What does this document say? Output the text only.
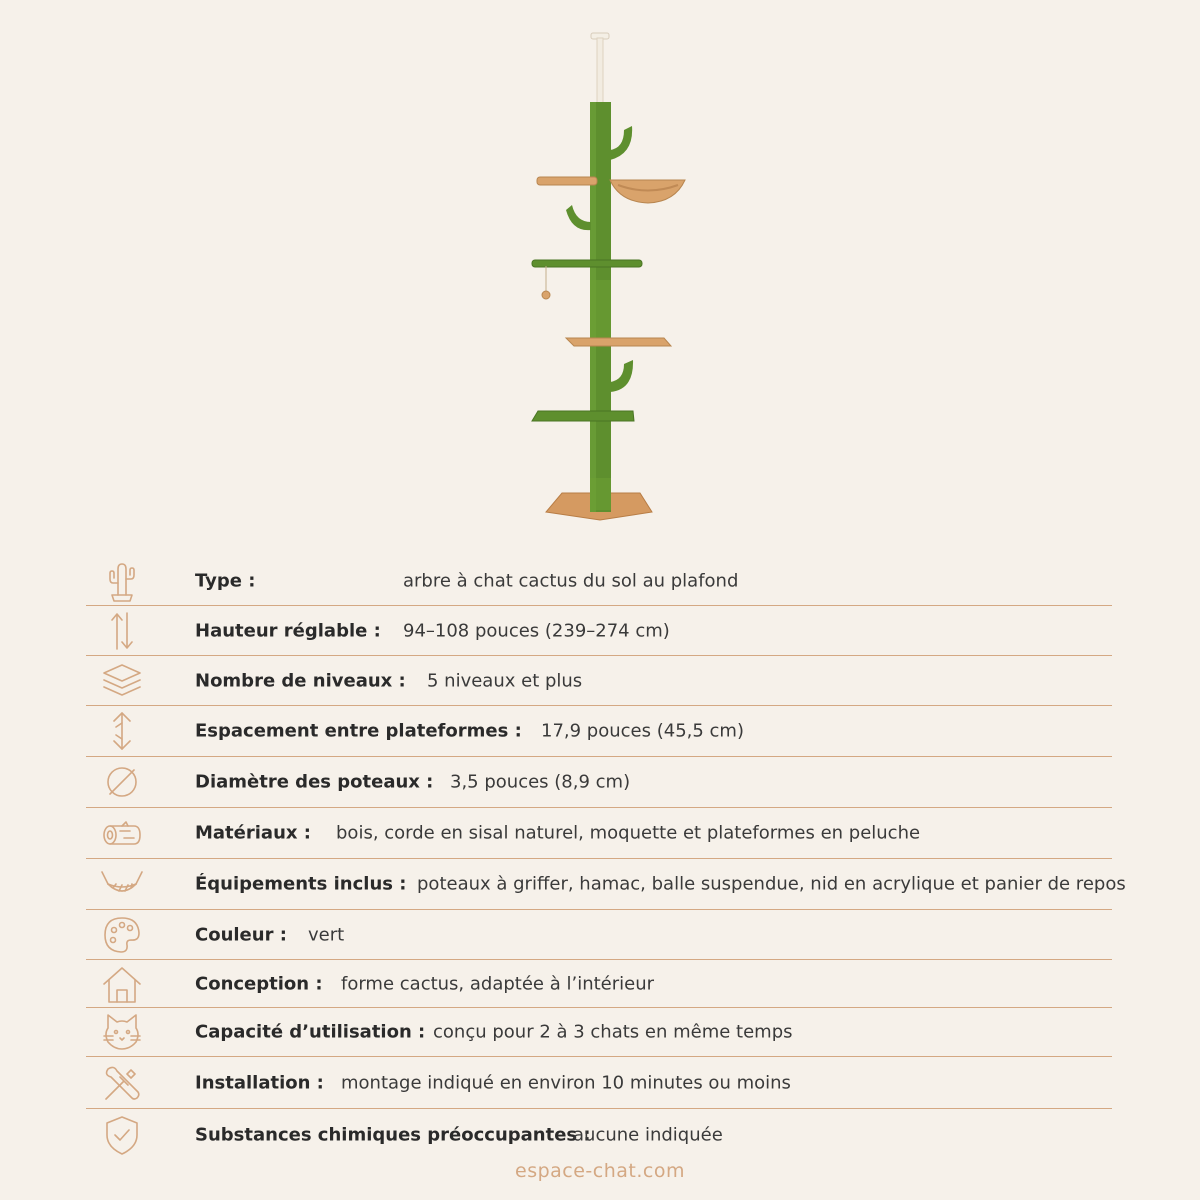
Type :	arbre à chat cactus du sol au plafond
Hauteur réglable : 94–108 pouces (239–274 cm)
Nombre de niveaux : 5 niveaux et plus
Espacement entre plateformes : 17,9 pouces (45,5 cm)
Diamètre des poteaux : 3,5 pouces (8,9 cm)
Matériaux : bois, corde en sisal naturel, moquette et plateformes en peluche
Équipements inclus : poteaux à griffer, hamac, balle suspendue, nid en acrylique et panier de repos
Couleur : vert
Conception : forme cactus, adaptée à l’intérieur
Capacité d’utilisation : conçu pour 2 à 3 chats en même temps
Installation : montage indiqué en environ 10 minutes ou moins
Substances chimiques préoccupantes :
aucune indiquée
espace-chat.com
